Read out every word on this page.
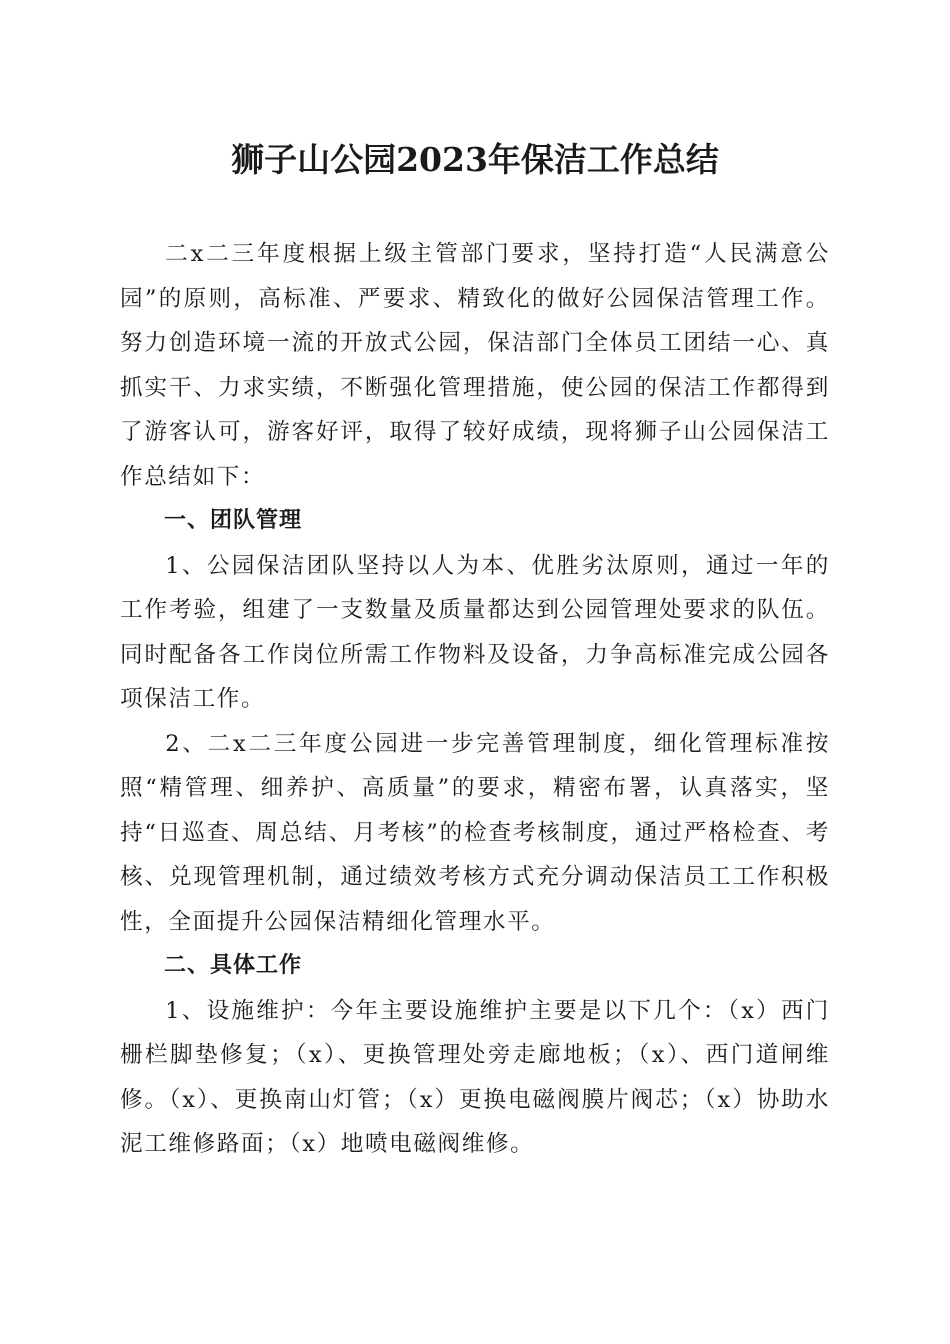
狮子山公园2023年保洁工作总结

二x二三年度根据上级主管部门要求，坚持打造“人民满意公园”的原则，高标准、严要求、精致化的做好公园保洁管理工作。努力创造环境一流的开放式公园，保洁部门全体员工团结一心、真抓实干、力求实绩，不断强化管理措施，使公园的保洁工作都得到了游客认可，游客好评，取得了较好成绩，现将狮子山公园保洁工作总结如下：

一、团队管理

1、公园保洁团队坚持以人为本、优胜劣汰原则，通过一年的工作考验，组建了一支数量及质量都达到公园管理处要求的队伍。同时配备各工作岗位所需工作物料及设备，力争高标准完成公园各项保洁工作。

2、二x二三年度公园进一步完善管理制度，细化管理标准按照“精管理、细养护、高质量”的要求，精密布署，认真落实，坚持“日巡查、周总结、月考核”的检查考核制度，通过严格检查、考核、兑现管理机制，通过绩效考核方式充分调动保洁员工工作积极性，全面提升公园保洁精细化管理水平。

二、具体工作

1、设施维护：今年主要设施维护主要是以下几个：（x）西门栅栏脚垫修复；（x）、更换管理处旁走廊地板；（x）、西门道闸维修。（x）、更换南山灯管；（x）更换电磁阀膜片阀芯；（x）协助水泥工维修路面；（x）地喷电磁阀维修。
